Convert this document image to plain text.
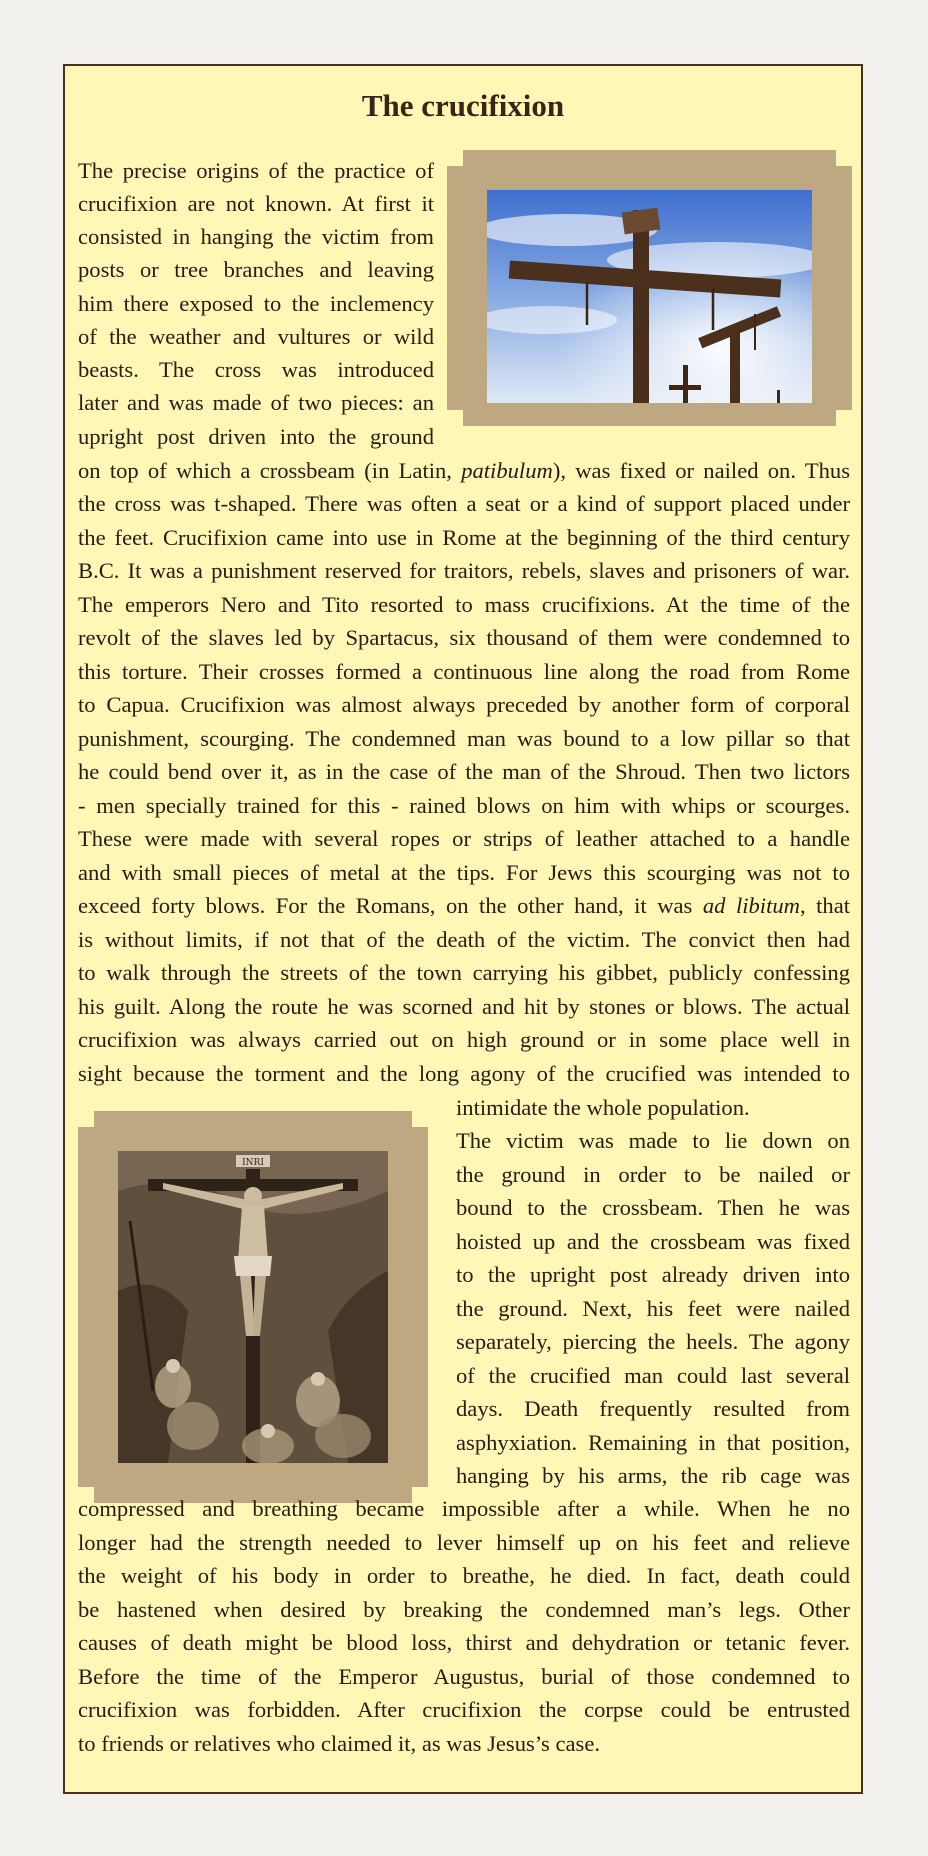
The crucifixion
The precise origins of the practice of
crucifixion are not known. At first it
consisted in hanging the victim from
posts or tree branches and leaving
him there exposed to the inclemency
of the weather and vultures or wild
beasts. The cross was introduced
later and was made of two pieces: an
upright post driven into the ground
on top of which a crossbeam (in Latin, patibulum), was fixed or nailed on. Thus
the cross was t-shaped. There was often a seat or a kind of support placed under
the feet. Crucifixion came into use in Rome at the beginning of the third century
B.C. It was a punishment reserved for traitors, rebels, slaves and prisoners of war.
The emperors Nero and Tito resorted to mass crucifixions. At the time of the
revolt of the slaves led by Spartacus, six thousand of them were condemned to
this torture. Their crosses formed a continuous line along the road from Rome
to Capua. Crucifixion was almost always preceded by another form of corporal
punishment, scourging. The condemned man was bound to a low pillar so that
he could bend over it, as in the case of the man of the Shroud. Then two lictors
- men specially trained for this - rained blows on him with whips or scourges.
These were made with several ropes or strips of leather attached to a handle
and with small pieces of metal at the tips. For Jews this scourging was not to
exceed forty blows. For the Romans, on the other hand, it was ad libitum, that
is without limits, if not that of the death of the victim. The convict then had
to walk through the streets of the town carrying his gibbet, publicly confessing
his guilt. Along the route he was scorned and hit by stones or blows. The actual
crucifixion was always carried out on high ground or in some place well in
sight because the torment and the long agony of the crucified was intended to
INRI
intimidate the whole population.
The victim was made to lie down on
the ground in order to be nailed or
bound to the crossbeam. Then he was
hoisted up and the crossbeam was fixed
to the upright post already driven into
the ground. Next, his feet were nailed
separately, piercing the heels. The agony
of the crucified man could last several
days. Death frequently resulted from
asphyxiation. Remaining in that position,
hanging by his arms, the rib cage was
compressed and breathing became impossible after a while. When he no
longer had the strength needed to lever himself up on his feet and relieve
the weight of his body in order to breathe, he died. In fact, death could
be hastened when desired by breaking the condemned man’s legs. Other
causes of death might be blood loss, thirst and dehydration or tetanic fever.
Before the time of the Emperor Augustus, burial of those condemned to
crucifixion was forbidden. After crucifixion the corpse could be entrusted
to friends or relatives who claimed it, as was Jesus’s case.
